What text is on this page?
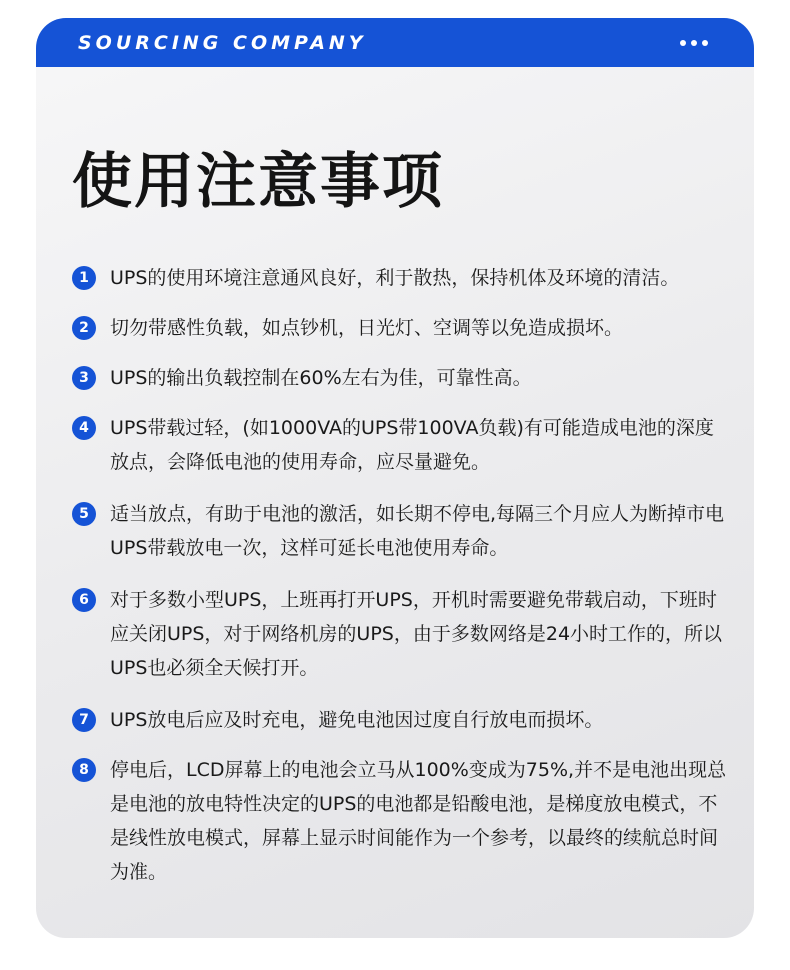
SOURCING COMPANY
使用注意事项
1	UPS的使用环境注意通风良好，利于散热，保持机体及环境的清洁。
2	切勿带感性负载，如点钞机，日光灯、空调等以免造成损坏。
3	UPS的输出负载控制在60%左右为佳，可靠性高。
4	UPS带载过轻，(如1000VA的UPS带100VA负载)有可能造成电池的深度放点，会降低电池的使用寿命，应尽量避免。
5	适当放点，有助于电池的激活，如长期不停电,每隔三个月应人为断掉市电UPS带载放电一次，这样可延长电池使用寿命。
6	对于多数小型UPS，上班再打开UPS，开机时需要避免带载启动，下班时应关闭UPS，对于网络机房的UPS，由于多数网络是24小时工作的，所以UPS也必须全天候打开。
7	UPS放电后应及时充电，避免电池因过度自行放电而损坏。
8	停电后，LCD屏幕上的电池会立马从100%变成为75%,并不是电池出现总是电池的放电特性决定的UPS的电池都是铅酸电池，是梯度放电模式，不是线性放电模式，屏幕上显示时间能作为一个参考，以最终的续航总时间为准。
